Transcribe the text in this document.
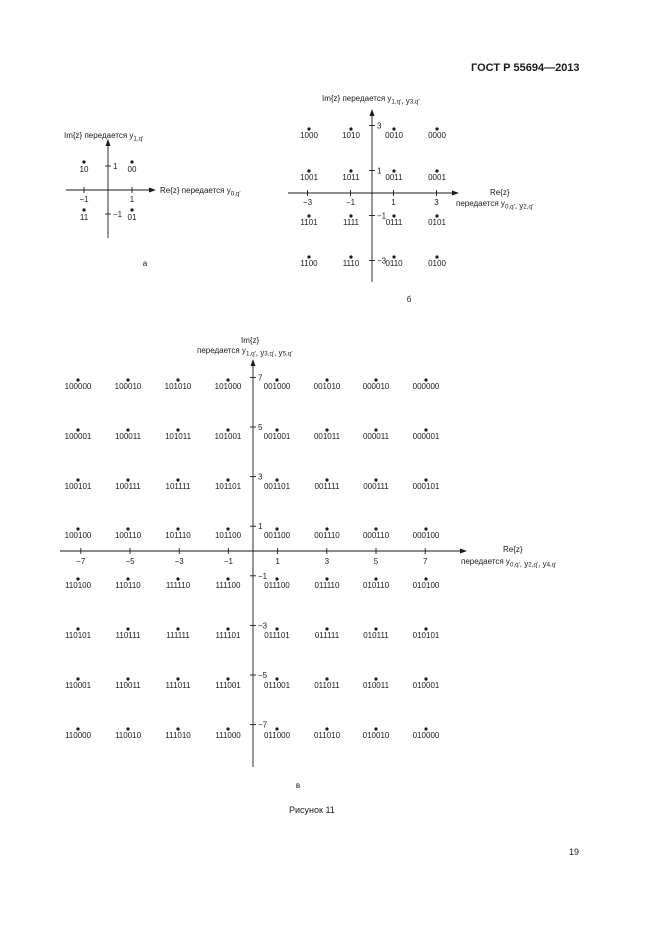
ГОСТ Р 55694—2013
Re{z} передается $y_{0,q'}$
Im{z} передается $y_{1,q'}$
−1	1
1
−1
10	00
11	01
а
Re{z}
передается $y_{0,q'}$, y2,q'
Im{z} передается $y_{1,q'}$, y3,q'
−3	−1	1	3
3
1
−1
−3
1000	1010	0010	0000
1001	1011	0011	0001
1101	1111	0111	0101
1100	1110	0110	0100
б
Re{z}
передается $y_{0,q'}$, y2,q', y4,q'
Im{z}
передается $y_{1,q'}$, y3,q', y5,q'
−7	−5	−3	−1	1	3	5	7
7
5
3
1
−1
−3
−5
−7
100000	100010	101010	101000	001000	001010	000010	000000
100001	100011	101011	101001	001001	001011	000011	000001
100101	100111	101111	101101	001101	001111	000111	000101
100100	100110	101110	101100	001100	001110	000110	000100
110100	110110	111110	111100	011100	011110	010110	010100
110101	110111	111111	111101	011101	011111	010111	010101
110001	110011	111011	111001	011001	011011	010011	010001
110000	110010	111010	111000	011000	011010	010010	010000
в
Рисунок 11
19
